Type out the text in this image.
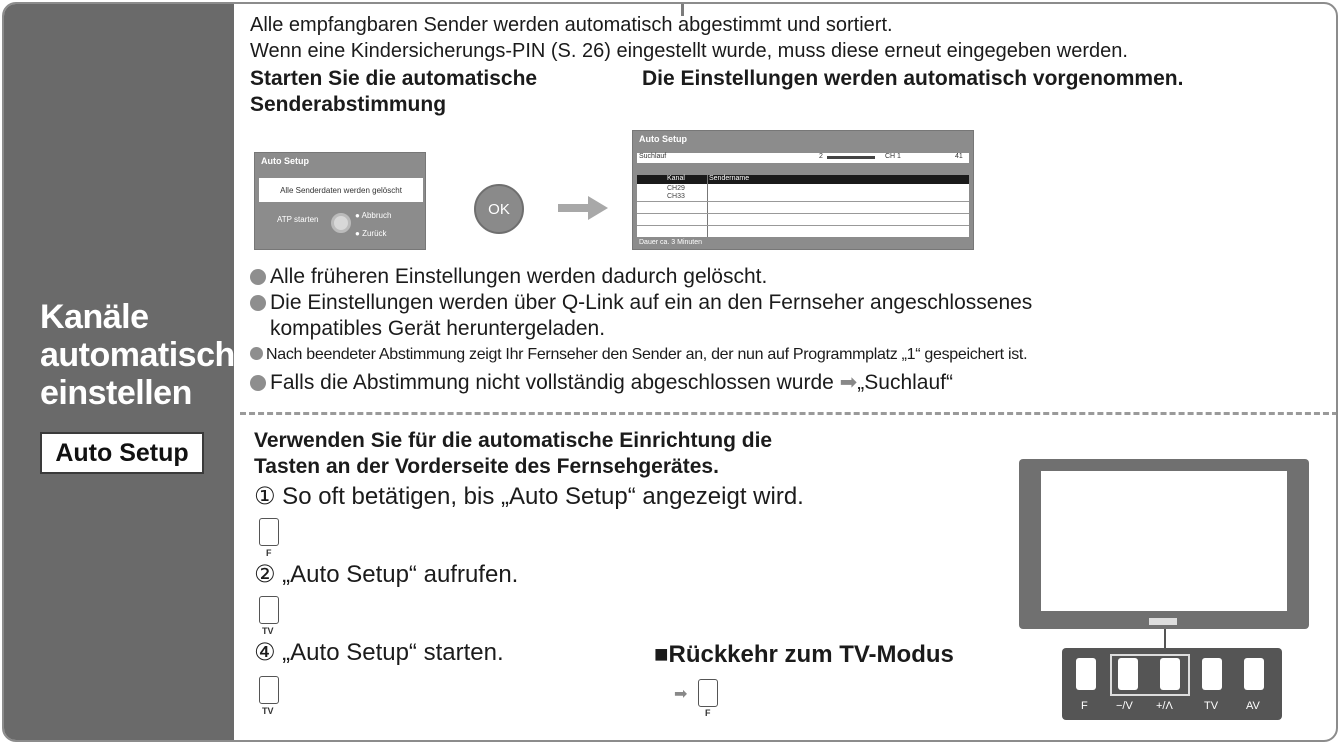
Kanäle
automatisch
einstellen
Auto Setup
Alle empfangbaren Sender werden automatisch abgestimmt und sortiert.
Wenn eine Kindersicherungs-PIN (S. 26) eingestellt wurde, muss diese erneut eingegeben werden.
Starten Sie die automatische
Senderabstimmung
Die Einstellungen werden automatisch vorgenommen.
Auto Setup
Alle Senderdaten werden gelöscht
ATP starten	● Abbruch
● Zurück
OK
Auto Setup
Suchlauf	2	CH 1	41
Kanal	Sendername
CH29
CH33
Dauer ca. 3 Minuten
Alle früheren Einstellungen werden dadurch gelöscht.
Die Einstellungen werden über Q-Link auf ein an den Fernseher angeschlossenes
kompatibles Gerät heruntergeladen.
Nach beendeter Abstimmung zeigt Ihr Fernseher den Sender an, der nun auf Programmplatz „1“ gespeichert ist.
Falls die Abstimmung nicht vollständig abgeschlossen wurde ➡„Suchlauf“
Verwenden Sie für die automatische Einrichtung die
Tasten an der Vorderseite des Fernsehgerätes.
① So oft betätigen, bis „Auto Setup“ angezeigt wird.
F
② „Auto Setup“ aufrufen.
TV
④ „Auto Setup“ starten.
TV
■Rückkehr zum TV-Modus
➡
F
F	−/V +/Λ	TV	AV
